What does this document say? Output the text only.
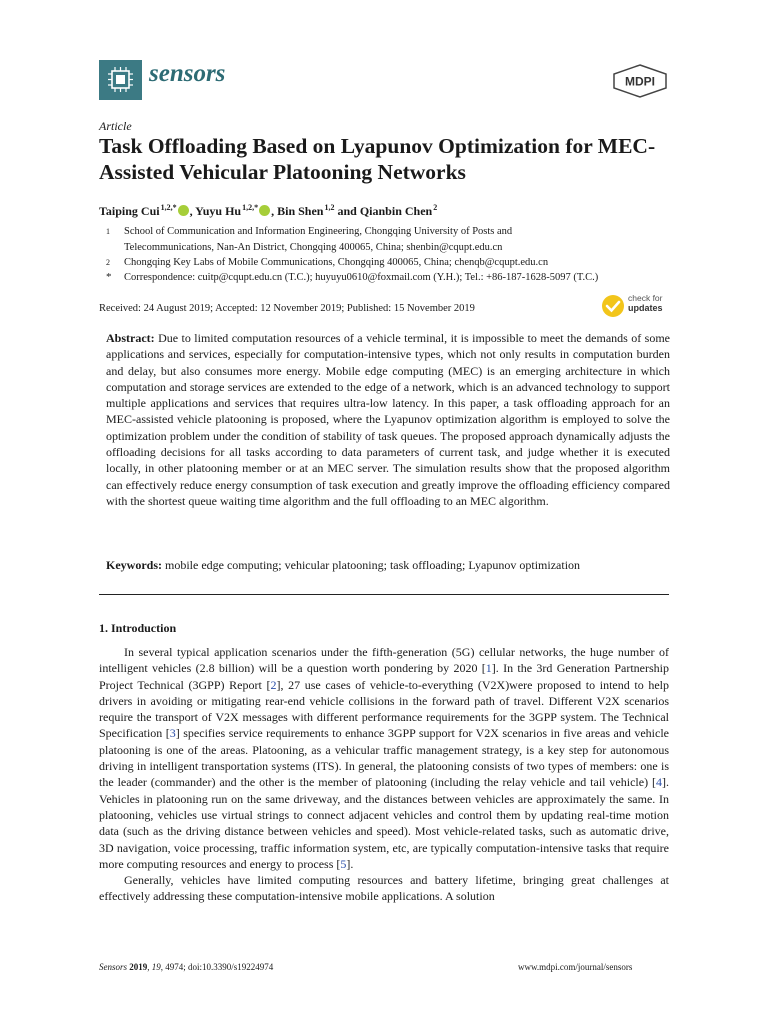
sensors	MDPI
Article
Task Offloading Based on Lyapunov Optimization for MEC-Assisted Vehicular Platooning Networks
Taiping Cui $^{1,2,*}$ , Yuyu Hu $^{1,2,*}$ , Bin Shen $^{1,2}$ and Qianbin Chen $^2$
1 School of Communication and Information Engineering, Chongqing University of Posts and
Telecommunications, Nan-An District, Chongqing 400065, China; shenbin@cqupt.edu.cn
2 Chongqing Key Labs of Mobile Communications, Chongqing 400065, China; chenqb@cqupt.edu.cn
* Correspondence: cuitp@cqupt.edu.cn (T.C.); huyuyu0610@foxmail.com (Y.H.); Tel.: +86-187-1628-5097 (T.C.)
Received: 24 August 2019; Accepted: 12 November 2019; Published: 15 November 2019
check for
updates
Abstract: Due to limited computation resources of a vehicle terminal, it is impossible to meet the demands of some applications and services, especially for computation-intensive types, which not only results in computation burden and delay, but also consumes more energy. Mobile edge computing (MEC) is an emerging architecture in which computation and storage services are extended to the edge of a network, which is an advanced technology to support multiple applications and services that requires ultra-low latency. In this paper, a task offloading approach for an MEC-assisted vehicle platooning is proposed, where the Lyapunov optimization algorithm is employed to solve the optimization problem under the condition of stability of task queues. The proposed approach dynamically adjusts the offloading decisions for all tasks according to data parameters of current task, and judge whether it is executed locally, in other platooning member or at an MEC server. The simulation results show that the proposed algorithm can effectively reduce energy consumption of task execution and greatly improve the offloading efficiency compared with the shortest queue waiting time algorithm and the full offloading to an MEC algorithm.
Keywords: mobile edge computing; vehicular platooning; task offloading; Lyapunov optimization
1. Introduction

In several typical application scenarios under the fifth-generation (5G) cellular networks, the huge number of intelligent vehicles (2.8 billion) will be a question worth pondering by 2020 [1]. In the 3rd Generation Partnership Project Technical (3GPP) Report [2], 27 use cases of vehicle-to-everything (V2X)were proposed to intend to help drivers in avoiding or mitigating rear-end vehicle collisions in the forward path of travel. Different V2X scenarios require the transport of V2X messages with different performance requirements for the 3GPP system. The Technical Specification [3] specifies service requirements to enhance 3GPP support for V2X scenarios in five areas and vehicle platooning is one of the areas. Platooning, as a vehicular traffic management strategy, is a key step for autonomous driving in intelligent transportation systems (ITS). In general, the platooning consists of two types of members: one is the leader (commander) and the other is the member of platooning (including the relay vehicle and tail vehicle) [4]. Vehicles in platooning run on the same driveway, and the distances between vehicles are approximately the same. In platooning, vehicles use virtual strings to connect adjacent vehicles and control them by updating real-time motion data (such as the driving distance between vehicles and speed). Most vehicle-related tasks, such as automatic drive, 3D navigation, voice processing, traffic information system, etc, are typically computation-intensive tasks that require more computing resources and energy to process [5].

Generally, vehicles have limited computing resources and battery lifetime, bringing great challenges at effectively addressing these computation-intensive mobile applications. A solution

Sensors 2019, 19, 4974; doi:10.3390/s19224974	www.mdpi.com/journal/sensors
